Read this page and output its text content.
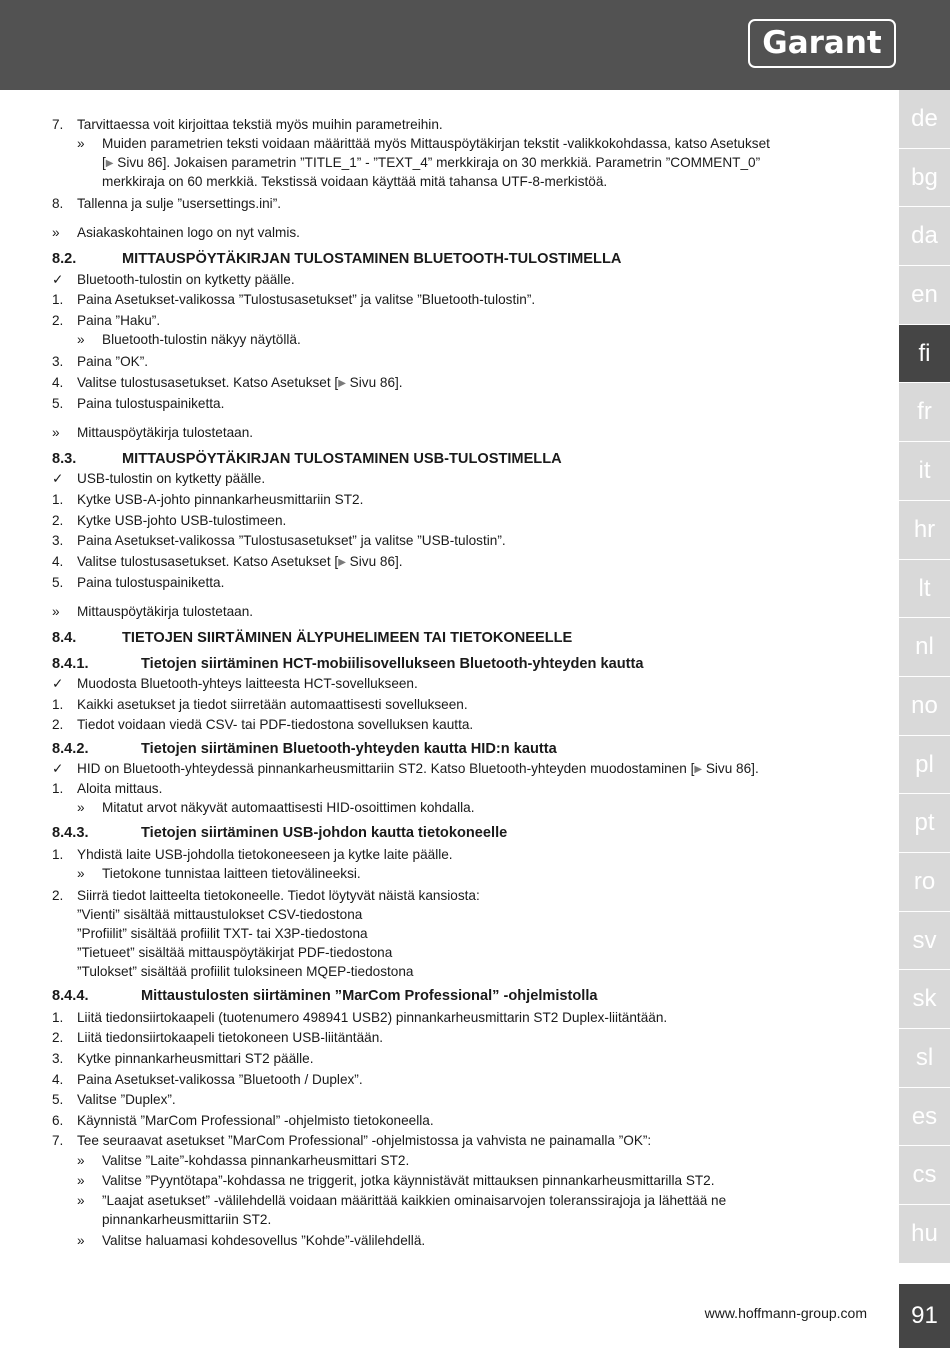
Garant
de
bg
da
en
fi
fr
it
hr
lt
nl
no
pl
pt
ro
sv
sk
sl
es
cs
hu
91
www.hoffmann-group.com
7. Tarvittaessa voit kirjoittaa tekstiä myös muihin parametreihin.
» Muiden parametrien teksti voidaan määrittää myös Mittauspöytäkirjan tekstit -valikkokohdassa, katso Asetukset
[▶ Sivu 86]. Jokaisen parametrin ”TITLE_1” - ”TEXT_4” merkkiraja on 30 merkkiä. Parametrin ”COMMENT_0”
merkkiraja on 60 merkkiä. Tekstissä voidaan käyttää mitä tahansa UTF-8-merkistöä.
8. Tallenna ja sulje ”usersettings.ini”.
» Asiakaskohtainen logo on nyt valmis.
8.2.	MITTAUSPÖYTÄKIRJAN TULOSTAMINEN BLUETOOTH-TULOSTIMELLA
✓ Bluetooth-tulostin on kytketty päälle.
1. Paina Asetukset-valikossa ”Tulostusasetukset” ja valitse ”Bluetooth-tulostin”.
2. Paina ”Haku”.
» Bluetooth-tulostin näkyy näytöllä.
3. Paina ”OK”.
4. Valitse tulostusasetukset. Katso Asetukset [▶ Sivu 86].
5. Paina tulostuspainiketta.
» Mittauspöytäkirja tulostetaan.
8.3.	MITTAUSPÖYTÄKIRJAN TULOSTAMINEN USB-TULOSTIMELLA
✓ USB-tulostin on kytketty päälle.
1. Kytke USB-A-johto pinnankarheusmittariin ST2.
2. Kytke USB-johto USB-tulostimeen.
3. Paina Asetukset-valikossa ”Tulostusasetukset” ja valitse ”USB-tulostin”.
4. Valitse tulostusasetukset. Katso Asetukset [▶ Sivu 86].
5. Paina tulostuspainiketta.
» Mittauspöytäkirja tulostetaan.
8.4.	TIETOJEN SIIRTÄMINEN ÄLYPUHELIMEEN TAI TIETOKONEELLE
8.4.1.	Tietojen siirtäminen HCT-mobiilisovellukseen Bluetooth-yhteyden kautta
✓ Muodosta Bluetooth-yhteys laitteesta HCT-sovellukseen.
1. Kaikki asetukset ja tiedot siirretään automaattisesti sovellukseen.
2. Tiedot voidaan viedä CSV- tai PDF-tiedostona sovelluksen kautta.
8.4.2.	Tietojen siirtäminen Bluetooth-yhteyden kautta HID:n kautta
✓ HID on Bluetooth-yhteydessä pinnankarheusmittariin ST2. Katso Bluetooth-yhteyden muodostaminen [▶ Sivu 86].
1. Aloita mittaus.
» Mitatut arvot näkyvät automaattisesti HID-osoittimen kohdalla.
8.4.3.	Tietojen siirtäminen USB-johdon kautta tietokoneelle
1. Yhdistä laite USB-johdolla tietokoneeseen ja kytke laite päälle.
» Tietokone tunnistaa laitteen tietovälineeksi.
2. Siirrä tiedot laitteelta tietokoneelle. Tiedot löytyvät näistä kansiosta:
”Vienti” sisältää mittaustulokset CSV-tiedostona
”Profiilit” sisältää profiilit TXT- tai X3P-tiedostona
”Tietueet” sisältää mittauspöytäkirjat PDF-tiedostona
”Tulokset” sisältää profiilit tuloksineen MQEP-tiedostona
8.4.4.	Mittaustulosten siirtäminen ”MarCom Professional” -ohjelmistolla
1. Liitä tiedonsiirtokaapeli (tuotenumero 498941 USB2) pinnankarheusmittarin ST2 Duplex-liitäntään.
2. Liitä tiedonsiirtokaapeli tietokoneen USB-liitäntään.
3. Kytke pinnankarheusmittari ST2 päälle.
4. Paina Asetukset-valikossa ”Bluetooth / Duplex”.
5. Valitse ”Duplex”.
6. Käynnistä ”MarCom Professional” -ohjelmisto tietokoneella.
7. Tee seuraavat asetukset ”MarCom Professional” -ohjelmistossa ja vahvista ne painamalla ”OK”:
» Valitse ”Laite”-kohdassa pinnankarheusmittari ST2.
» Valitse ”Pyyntötapa”-kohdassa ne triggerit, jotka käynnistävät mittauksen pinnankarheusmittarilla ST2.
» ”Laajat asetukset” -välilehdellä voidaan määrittää kaikkien ominaisarvojen toleranssirajoja ja lähettää ne
pinnankarheusmittariin ST2.
» Valitse haluamasi kohdesovellus ”Kohde”-välilehdellä.
